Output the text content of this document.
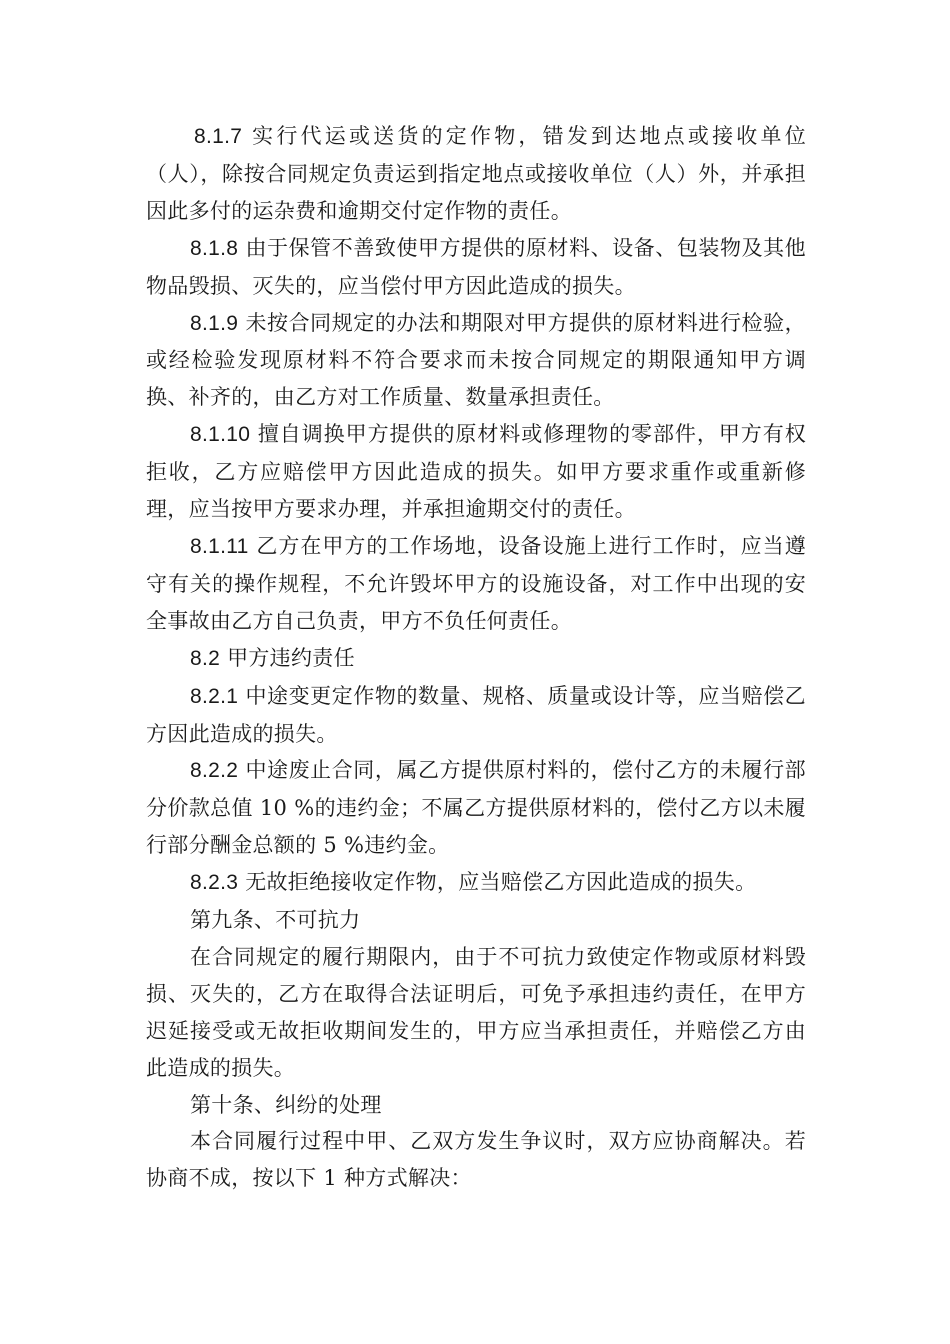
8.1.7 实行代运或送货的定作物，错发到达地点或接收单位（人），除按合同规定负责运到指定地点或接收单位（人）外，并承担因此多付的运杂费和逾期交付定作物的责任。

8.1.8 由于保管不善致使甲方提供的原材料、设备、包装物及其他物品毁损、灭失的，应当偿付甲方因此造成的损失。

8.1.9 未按合同规定的办法和期限对甲方提供的原材料进行检验，或经检验发现原材料不符合要求而未按合同规定的期限通知甲方调换、补齐的，由乙方对工作质量、数量承担责任。

8.1.10 擅自调换甲方提供的原材料或修理物的零部件，甲方有权拒收，乙方应赔偿甲方因此造成的损失。如甲方要求重作或重新修理，应当按甲方要求办理，并承担逾期交付的责任。

8.1.11 乙方在甲方的工作场地，设备设施上进行工作时，应当遵守有关的操作规程，不允许毁坏甲方的设施设备，对工作中出现的安全事故由乙方自己负责，甲方不负任何责任。

8.2 甲方违约责任

8.2.1 中途变更定作物的数量、规格、质量或设计等，应当赔偿乙方因此造成的损失。

8.2.2 中途废止合同，属乙方提供原村料的，偿付乙方的未履行部分价款总值 10 %的违约金；不属乙方提供原材料的，偿付乙方以未履行部分酬金总额的 5 %违约金。

8.2.3 无故拒绝接收定作物，应当赔偿乙方因此造成的损失。

第九条、不可抗力

在合同规定的履行期限内，由于不可抗力致使定作物或原材料毁损、灭失的，乙方在取得合法证明后，可免予承担违约责任，在甲方迟延接受或无故拒收期间发生的，甲方应当承担责任，并赔偿乙方由此造成的损失。

第十条、纠纷的处理

本合同履行过程中甲、乙双方发生争议时，双方应协商解决。若协商不成，按以下 1 种方式解决：
